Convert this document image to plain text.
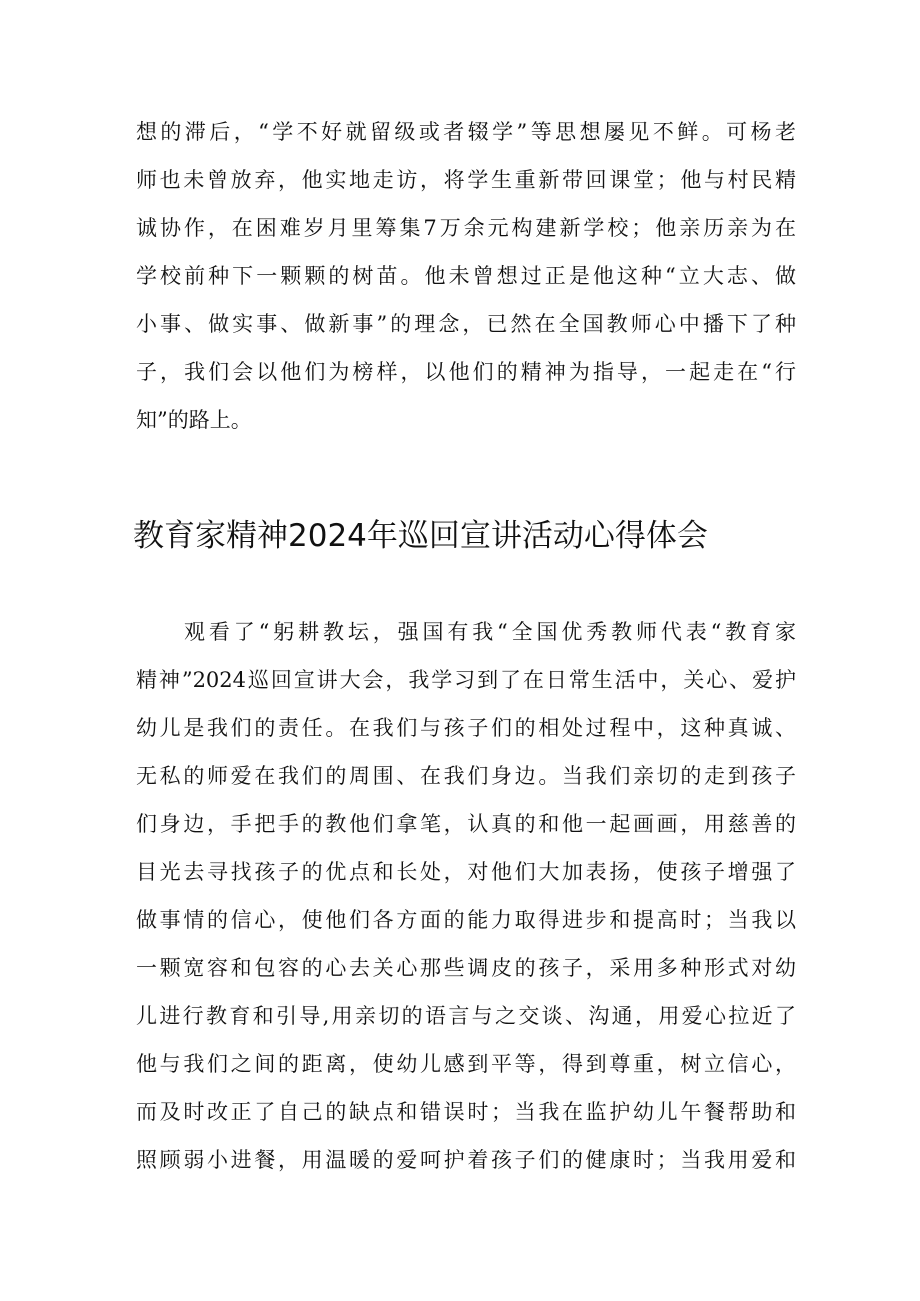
想的滞后，“学不好就留级或者辍学”等思想屡见不鲜。可杨老
师也未曾放弃，他实地走访，将学生重新带回课堂；他与村民精
诚协作，在困难岁月里筹集7万余元构建新学校；他亲历亲为在
学校前种下一颗颗的树苗。他未曾想过正是他这种“立大志、做
小事、做实事、做新事”的理念，已然在全国教师心中播下了种
子，我们会以他们为榜样，以他们的精神为指导，一起走在“行
知”的路上。
教育家精神2024年巡回宣讲活动心得体会
观看了“躬耕教坛，强国有我“全国优秀教师代表“教育家
精神”2024巡回宣讲大会，我学习到了在日常生活中，关心、爱护
幼儿是我们的责任。在我们与孩子们的相处过程中，这种真诚、
无私的师爱在我们的周围、在我们身边。当我们亲切的走到孩子
们身边，手把手的教他们拿笔，认真的和他一起画画，用慈善的
目光去寻找孩子的优点和长处，对他们大加表扬，使孩子增强了
做事情的信心，使他们各方面的能力取得进步和提高时；当我以
一颗宽容和包容的心去关心那些调皮的孩子，采用多种形式对幼
儿进行教育和引导,用亲切的语言与之交谈、沟通，用爱心拉近了
他与我们之间的距离，使幼儿感到平等，得到尊重，树立信心，
而及时改正了自己的缺点和错误时；当我在监护幼儿午餐帮助和
照顾弱小进餐，用温暖的爱呵护着孩子们的健康时；当我用爱和
